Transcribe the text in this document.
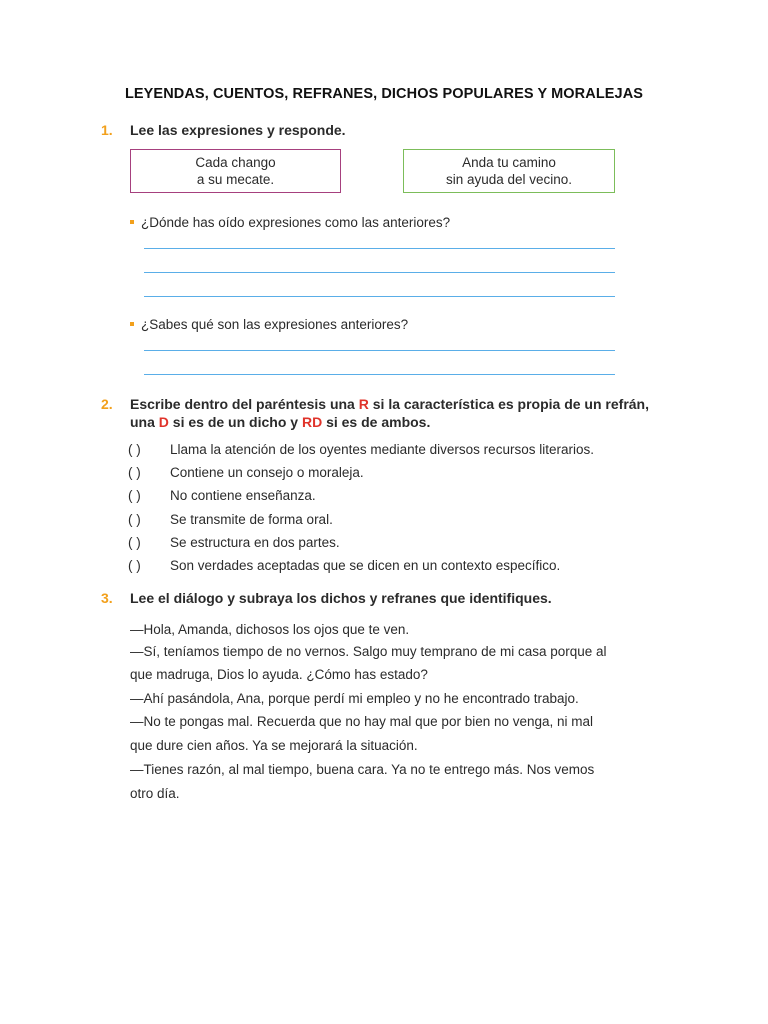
LEYENDAS, CUENTOS, REFRANES, DICHOS POPULARES Y MORALEJAS
1. Lee las expresiones y responde.
Cada chango
a su mecate.
Anda tu camino
sin ayuda del vecino.
¿Dónde has oído expresiones como las anteriores?
¿Sabes qué son las expresiones anteriores?
2. Escribe dentro del paréntesis una R si la característica es propia de un refrán,
una D si es de un dicho y RD si es de ambos.
( ) Llama la atención de los oyentes mediante diversos recursos literarios.
( ) Contiene un consejo o moraleja.
( ) No contiene enseñanza.
( ) Se transmite de forma oral.
( ) Se estructura en dos partes.
( ) Son verdades aceptadas que se dicen en un contexto específico.
3. Lee el diálogo y subraya los dichos y refranes que identifiques.
—Hola, Amanda, dichosos los ojos que te ven.
—Sí, teníamos tiempo de no vernos. Salgo muy temprano de mi casa porque al
que madruga, Dios lo ayuda. ¿Cómo has estado?
—Ahí pasándola, Ana, porque perdí mi empleo y no he encontrado trabajo.
—No te pongas mal. Recuerda que no hay mal que por bien no venga, ni mal
que dure cien años. Ya se mejorará la situación.
—Tienes razón, al mal tiempo, buena cara. Ya no te entrego más. Nos vemos
otro día.
